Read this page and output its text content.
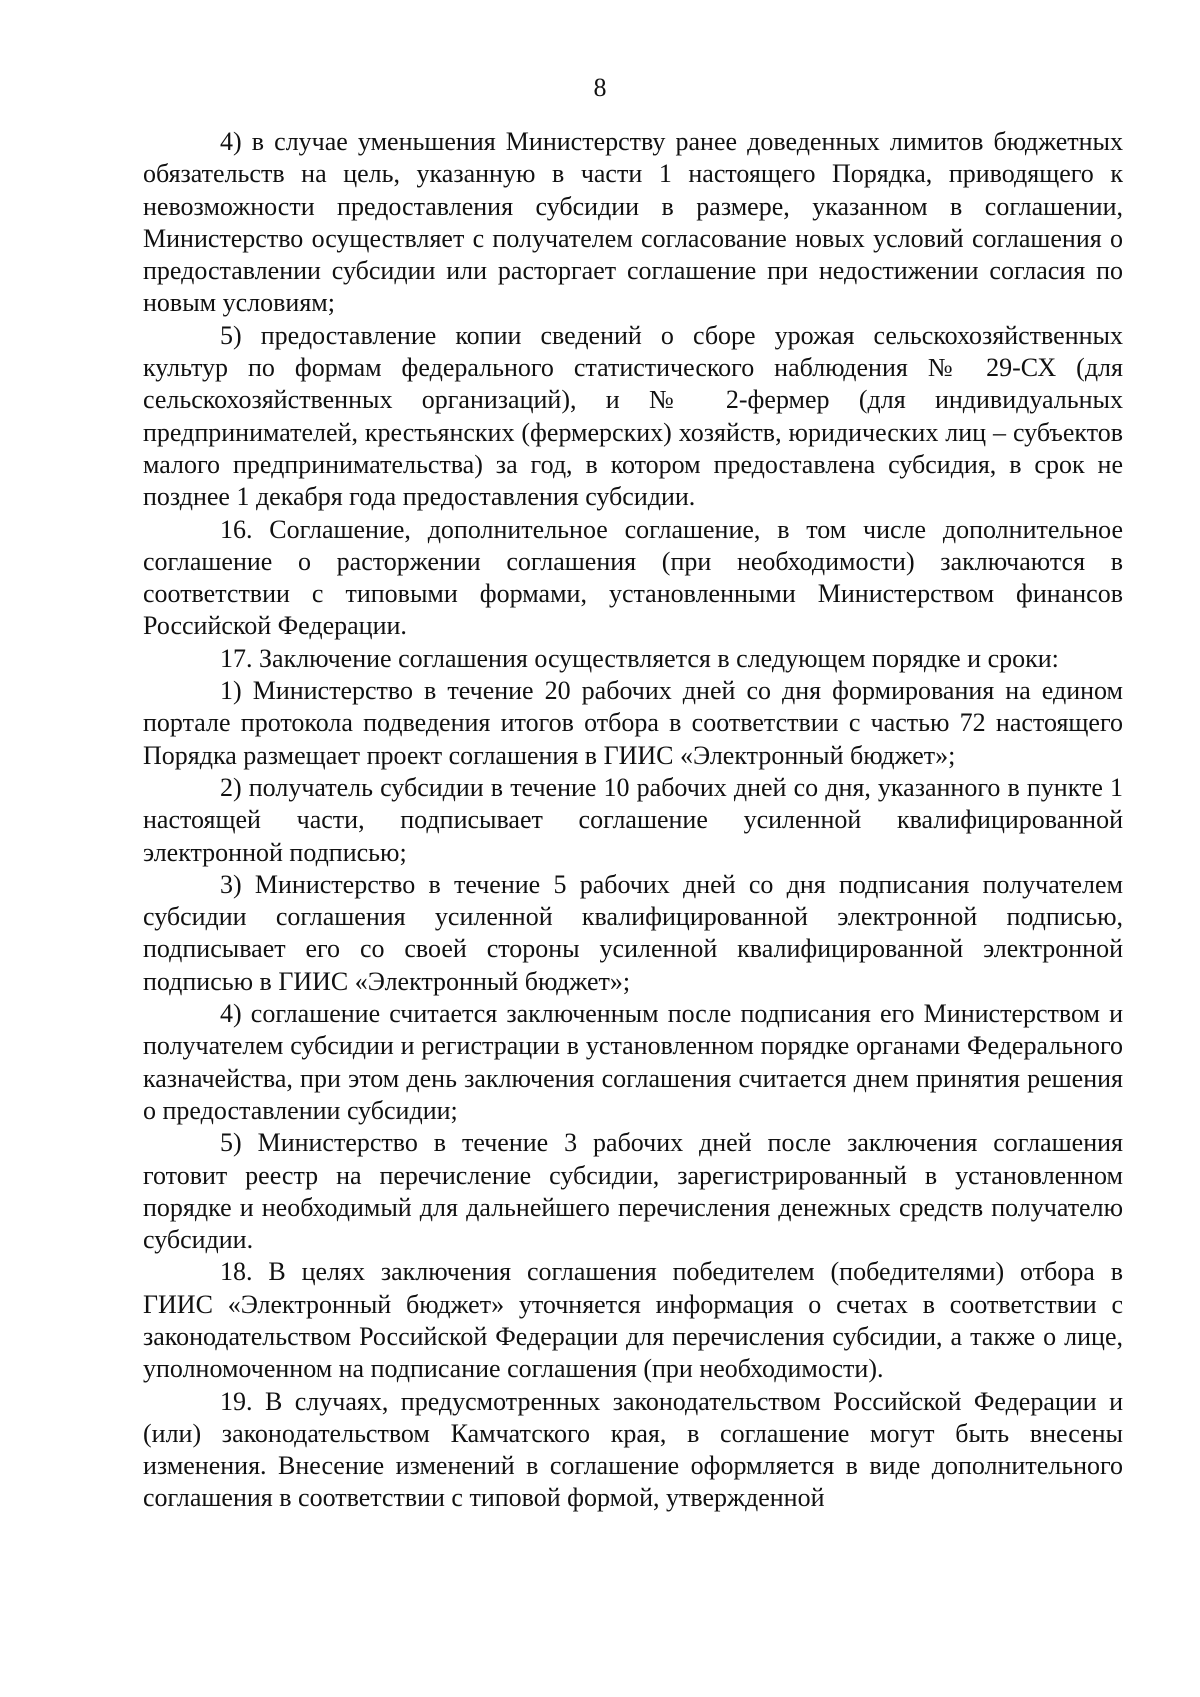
8

4) в случае уменьшения Министерству ранее доведенных лимитов бюджетных обязательств на цель, указанную в части 1 настоящего Порядка, приводящего к невозможности предоставления субсидии в размере, указанном в соглашении, Министерство осуществляет с получателем согласование новых условий соглашения о предоставлении субсидии или расторгает соглашение при недостижении согласия по новым условиям;

5) предоставление копии сведений о сборе урожая сельскохозяйственных культур по формам федерального статистического наблюдения № 29-СХ (для сельскохозяйственных организаций), и № 2-фермер (для индивидуальных предпринимателей, крестьянских (фермерских) хозяйств, юридических лиц – субъектов малого предпринимательства) за год, в котором предоставлена субсидия, в срок не позднее 1 декабря года предоставления субсидии.

16. Соглашение, дополнительное соглашение, в том числе дополнительное соглашение о расторжении соглашения (при необходимости) заключаются в соответствии с типовыми формами, установленными Министерством финансов Российской Федерации.

17. Заключение соглашения осуществляется в следующем порядке и сроки:

1) Министерство в течение 20 рабочих дней со дня формирования на едином портале протокола подведения итогов отбора в соответствии с частью 72 настоящего Порядка размещает проект соглашения в ГИИС «Электронный бюджет»;

2) получатель субсидии в течение 10 рабочих дней со дня, указанного в пункте 1 настоящей части, подписывает соглашение усиленной квалифицированной электронной подписью;

3) Министерство в течение 5 рабочих дней со дня подписания получателем субсидии соглашения усиленной квалифицированной электронной подписью, подписывает его со своей стороны усиленной квалифицированной электронной подписью в ГИИС «Электронный бюджет»;

4) соглашение считается заключенным после подписания его Министерством и получателем субсидии и регистрации в установленном порядке органами Федерального казначейства, при этом день заключения соглашения считается днем принятия решения о предоставлении субсидии;

5) Министерство в течение 3 рабочих дней после заключения соглашения готовит реестр на перечисление субсидии, зарегистрированный в установленном порядке и необходимый для дальнейшего перечисления денежных средств получателю субсидии.

18. В целях заключения соглашения победителем (победителями) отбора в ГИИС «Электронный бюджет» уточняется информация о счетах в соответствии с законодательством Российской Федерации для перечисления субсидии, а также о лице, уполномоченном на подписание соглашения (при необходимости).

19. В случаях, предусмотренных законодательством Российской Федерации и (или) законодательством Камчатского края, в соглашение могут быть внесены изменения. Внесение изменений в соглашение оформляется в виде дополнительного соглашения в соответствии с типовой формой, утвержденной
